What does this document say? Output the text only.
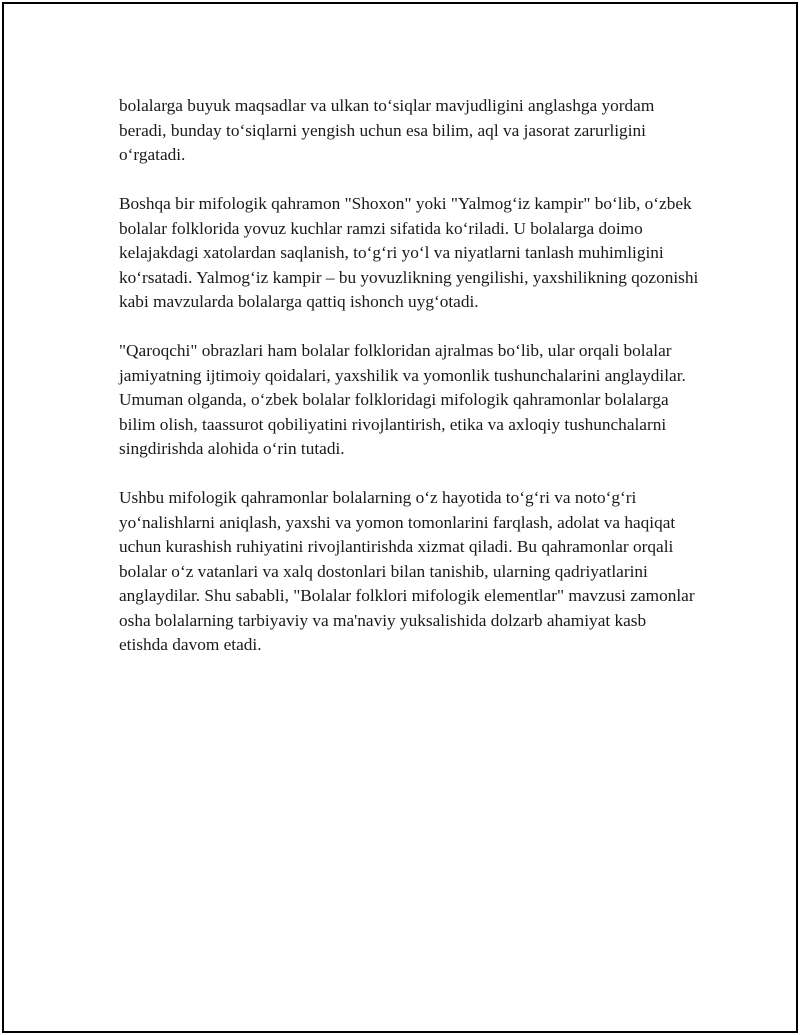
bolalarga buyuk maqsadlar va ulkan to‘siqlar mavjudligini anglashga yordam beradi, bunday to‘siqlarni yengish uchun esa bilim, aql va jasorat zarurligini o‘rgatadi.

Boshqa bir mifologik qahramon "Shoxon" yoki "Yalmog‘iz kampir" bo‘lib, o‘zbek bolalar folklorida yovuz kuchlar ramzi sifatida ko‘riladi. U bolalarga doimo kelajakdagi xatolardan saqlanish, to‘g‘ri yo‘l va niyatlarni tanlash muhimligini ko‘rsatadi. Yalmog‘iz kampir – bu yovuzlikning yengilishi, yaxshilikning qozonishi kabi mavzularda bolalarga qattiq ishonch uyg‘otadi.

"Qaroqchi" obrazlari ham bolalar folkloridan ajralmas bo‘lib, ular orqali bolalar jamiyatning ijtimoiy qoidalari, yaxshilik va yomonlik tushunchalarini anglaydilar. Umuman olganda, o‘zbek bolalar folkloridagi mifologik qahramonlar bolalarga bilim olish, taassurot qobiliyatini rivojlantirish, etika va axloqiy tushunchalarni singdirishda alohida o‘rin tutadi.

Ushbu mifologik qahramonlar bolalarning o‘z hayotida to‘g‘ri va noto‘g‘ri yo‘nalishlarni aniqlash, yaxshi va yomon tomonlarini farqlash, adolat va haqiqat uchun kurashish ruhiyatini rivojlantirishda xizmat qiladi. Bu qahramonlar orqali bolalar o‘z vatanlari va xalq dostonlari bilan tanishib, ularning qadriyatlarini anglaydilar. Shu sababli, "Bolalar folklori mifologik elementlar" mavzusi zamonlar osha bolalarning tarbiyaviy va ma'naviy yuksalishida dolzarb ahamiyat kasb etishda davom etadi.
